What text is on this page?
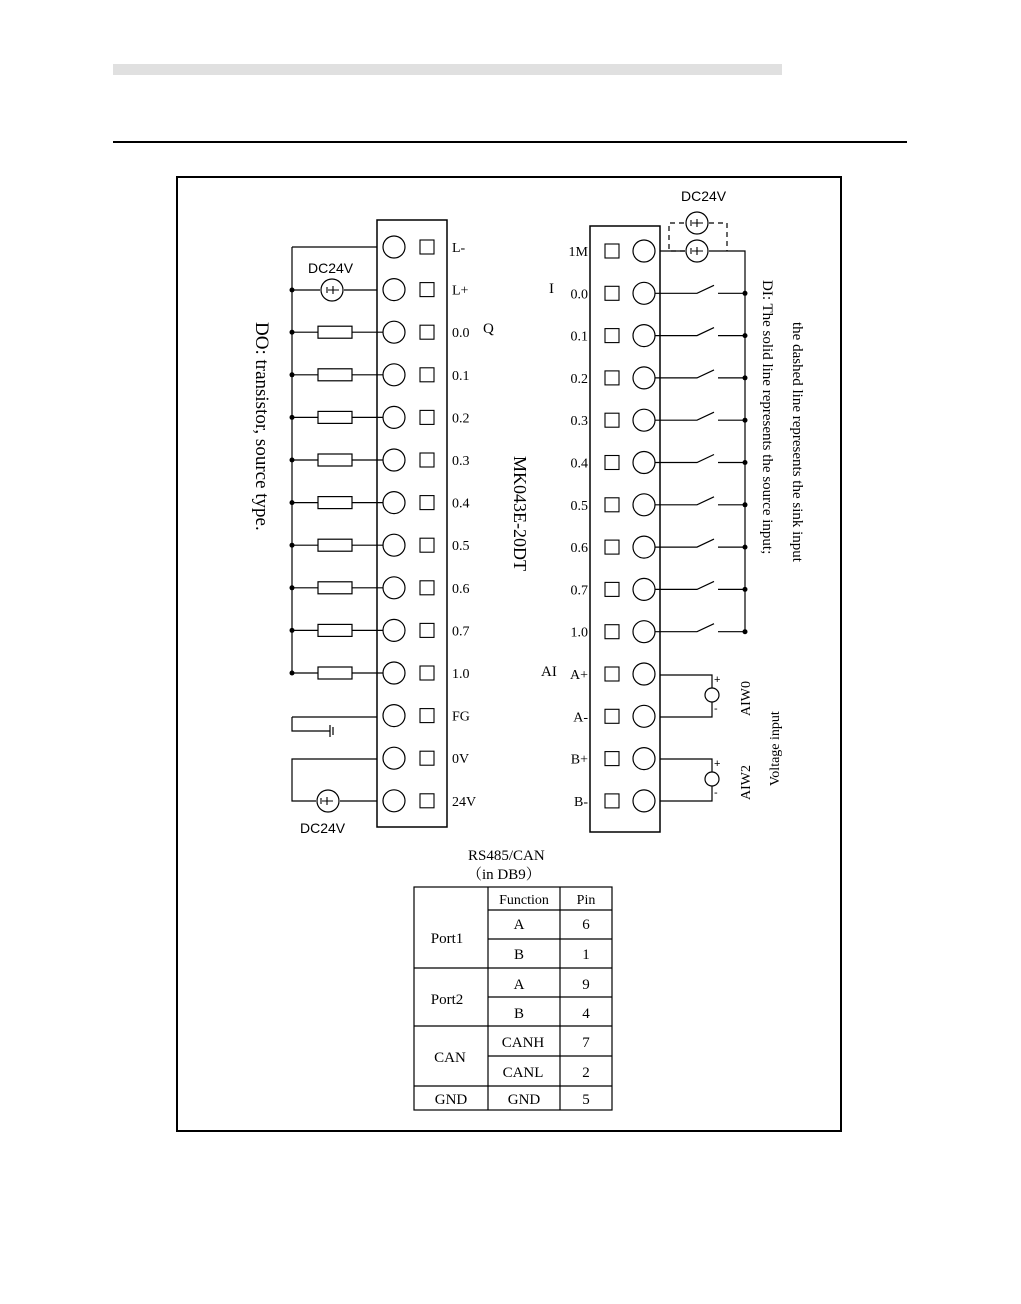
L-
L+
0.0
0.1
0.2
0.3
0.4
0.5
0.6
0.7
1.0
FG
0V
24V
1M
0.0
0.1
0.2
0.3
0.4
0.5
0.6
0.7
1.0
A+
A-
B+
B-
DC24V
DC24V
DC24V
Q
I
AI
DO: transistor, source type.	MK043E-20DT	DI: The solid line represents the source input; the dashed line represents the sink input
AIW0
AIW2 Voltage input
+
-
+
-
RS485/CAN
（in DB9）
Function Pin
Port1
A	6
B	1
Port2
A	9
B	4
CAN
CANH	7
CANL	2
GND	GND	5
